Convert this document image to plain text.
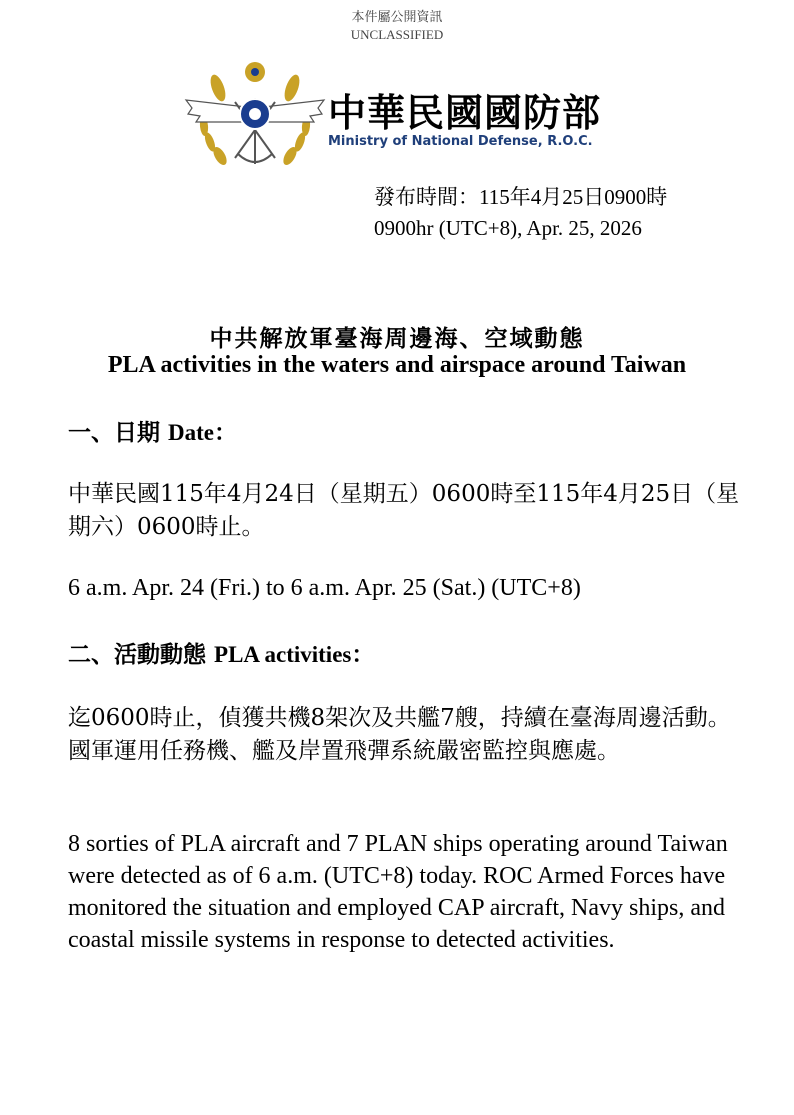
本件屬公開資訊
UNCLASSIFIED
中華民國國防部
Ministry of National Defense, R.O.C.
發布時間：115年4月25日0900時
0900hr (UTC+8), Apr. 25, 2026
中共解放軍臺海周邊海、空域動態
PLA activities in the waters and airspace around Taiwan
一、日期 Date：
中華民國115年4月24日（星期五）0600時至115年4月25日（星期六）0600時止。
6 a.m. Apr. 24 (Fri.) to 6 a.m. Apr. 25 (Sat.) (UTC+8)
二、活動動態 PLA activities：
迄0600時止，偵獲共機8架次及共艦7艘，持續在臺海周邊活動。國軍運用任務機、艦及岸置飛彈系統嚴密監控與應處。
8 sorties of PLA aircraft and 7 PLAN ships operating around Taiwan were detected as of 6 a.m. (UTC+8) today. ROC Armed Forces have monitored the situation and employed CAP aircraft, Navy ships, and coastal missile systems in response to detected activities.
